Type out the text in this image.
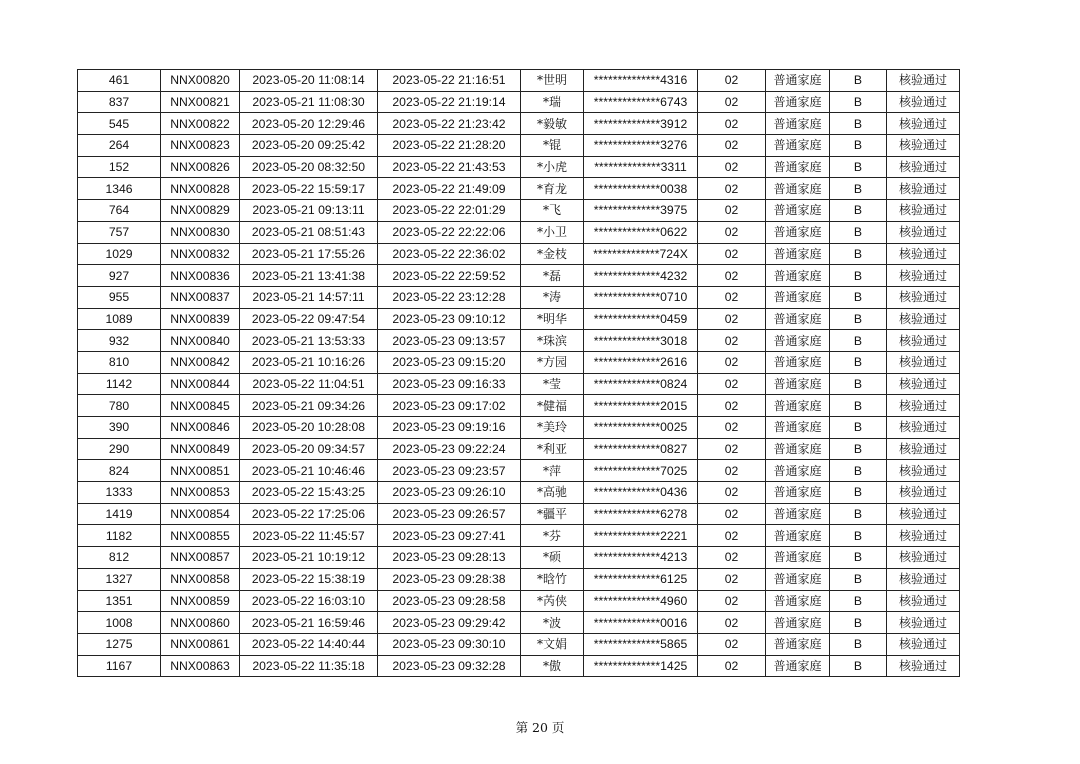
461	NNX00820	2023-05-20 11:08:14	2023-05-22 21:16:51	*世明	**************4316	02	普通家庭	B	核验通过
837	NNX00821	2023-05-21 11:08:30	2023-05-22 21:19:14	*瑞	**************6743	02	普通家庭	B	核验通过
545	NNX00822	2023-05-20 12:29:46	2023-05-22 21:23:42	*毅敏	**************3912	02	普通家庭	B	核验通过
264	NNX00823	2023-05-20 09:25:42	2023-05-22 21:28:20	*锟	**************3276	02	普通家庭	B	核验通过
152	NNX00826	2023-05-20 08:32:50	2023-05-22 21:43:53	*小虎	**************3311	02	普通家庭	B	核验通过
1346	NNX00828	2023-05-22 15:59:17	2023-05-22 21:49:09	*育龙	**************0038	02	普通家庭	B	核验通过
764	NNX00829	2023-05-21 09:13:11	2023-05-22 22:01:29	*飞	**************3975	02	普通家庭	B	核验通过
757	NNX00830	2023-05-21 08:51:43	2023-05-22 22:22:06	*小卫	**************0622	02	普通家庭	B	核验通过
1029	NNX00832	2023-05-21 17:55:26	2023-05-22 22:36:02	*金枝	**************724X	02	普通家庭	B	核验通过
927	NNX00836	2023-05-21 13:41:38	2023-05-22 22:59:52	*磊	**************4232	02	普通家庭	B	核验通过
955	NNX00837	2023-05-21 14:57:11	2023-05-22 23:12:28	*涛	**************0710	02	普通家庭	B	核验通过
1089	NNX00839	2023-05-22 09:47:54	2023-05-23 09:10:12	*明华	**************0459	02	普通家庭	B	核验通过
932	NNX00840	2023-05-21 13:53:33	2023-05-23 09:13:57	*珠滨	**************3018	02	普通家庭	B	核验通过
810	NNX00842	2023-05-21 10:16:26	2023-05-23 09:15:20	*方园	**************2616	02	普通家庭	B	核验通过
1142	NNX00844	2023-05-22 11:04:51	2023-05-23 09:16:33	*莹	**************0824	02	普通家庭	B	核验通过
780	NNX00845	2023-05-21 09:34:26	2023-05-23 09:17:02	*健福	**************2015	02	普通家庭	B	核验通过
390	NNX00846	2023-05-20 10:28:08	2023-05-23 09:19:16	*美玲	**************0025	02	普通家庭	B	核验通过
290	NNX00849	2023-05-20 09:34:57	2023-05-23 09:22:24	*利亚	**************0827	02	普通家庭	B	核验通过
824	NNX00851	2023-05-21 10:46:46	2023-05-23 09:23:57	*萍	**************7025	02	普通家庭	B	核验通过
1333	NNX00853	2023-05-22 15:43:25	2023-05-23 09:26:10	*高驰	**************0436	02	普通家庭	B	核验通过
1419	NNX00854	2023-05-22 17:25:06	2023-05-23 09:26:57	*疆平	**************6278	02	普通家庭	B	核验通过
1182	NNX00855	2023-05-22 11:45:57	2023-05-23 09:27:41	*芬	**************2221	02	普通家庭	B	核验通过
812	NNX00857	2023-05-21 10:19:12	2023-05-23 09:28:13	*硕	**************4213	02	普通家庭	B	核验通过
1327	NNX00858	2023-05-22 15:38:19	2023-05-23 09:28:38	*晗竹	**************6125	02	普通家庭	B	核验通过
1351	NNX00859	2023-05-22 16:03:10	2023-05-23 09:28:58	*芮侠	**************4960	02	普通家庭	B	核验通过
1008	NNX00860	2023-05-21 16:59:46	2023-05-23 09:29:42	*波	**************0016	02	普通家庭	B	核验通过
1275	NNX00861	2023-05-22 14:40:44	2023-05-23 09:30:10	*文娟	**************5865	02	普通家庭	B	核验通过
1167	NNX00863	2023-05-22 11:35:18	2023-05-23 09:32:28	*傲	**************1425	02	普通家庭	B	核验通过
第 20 页
